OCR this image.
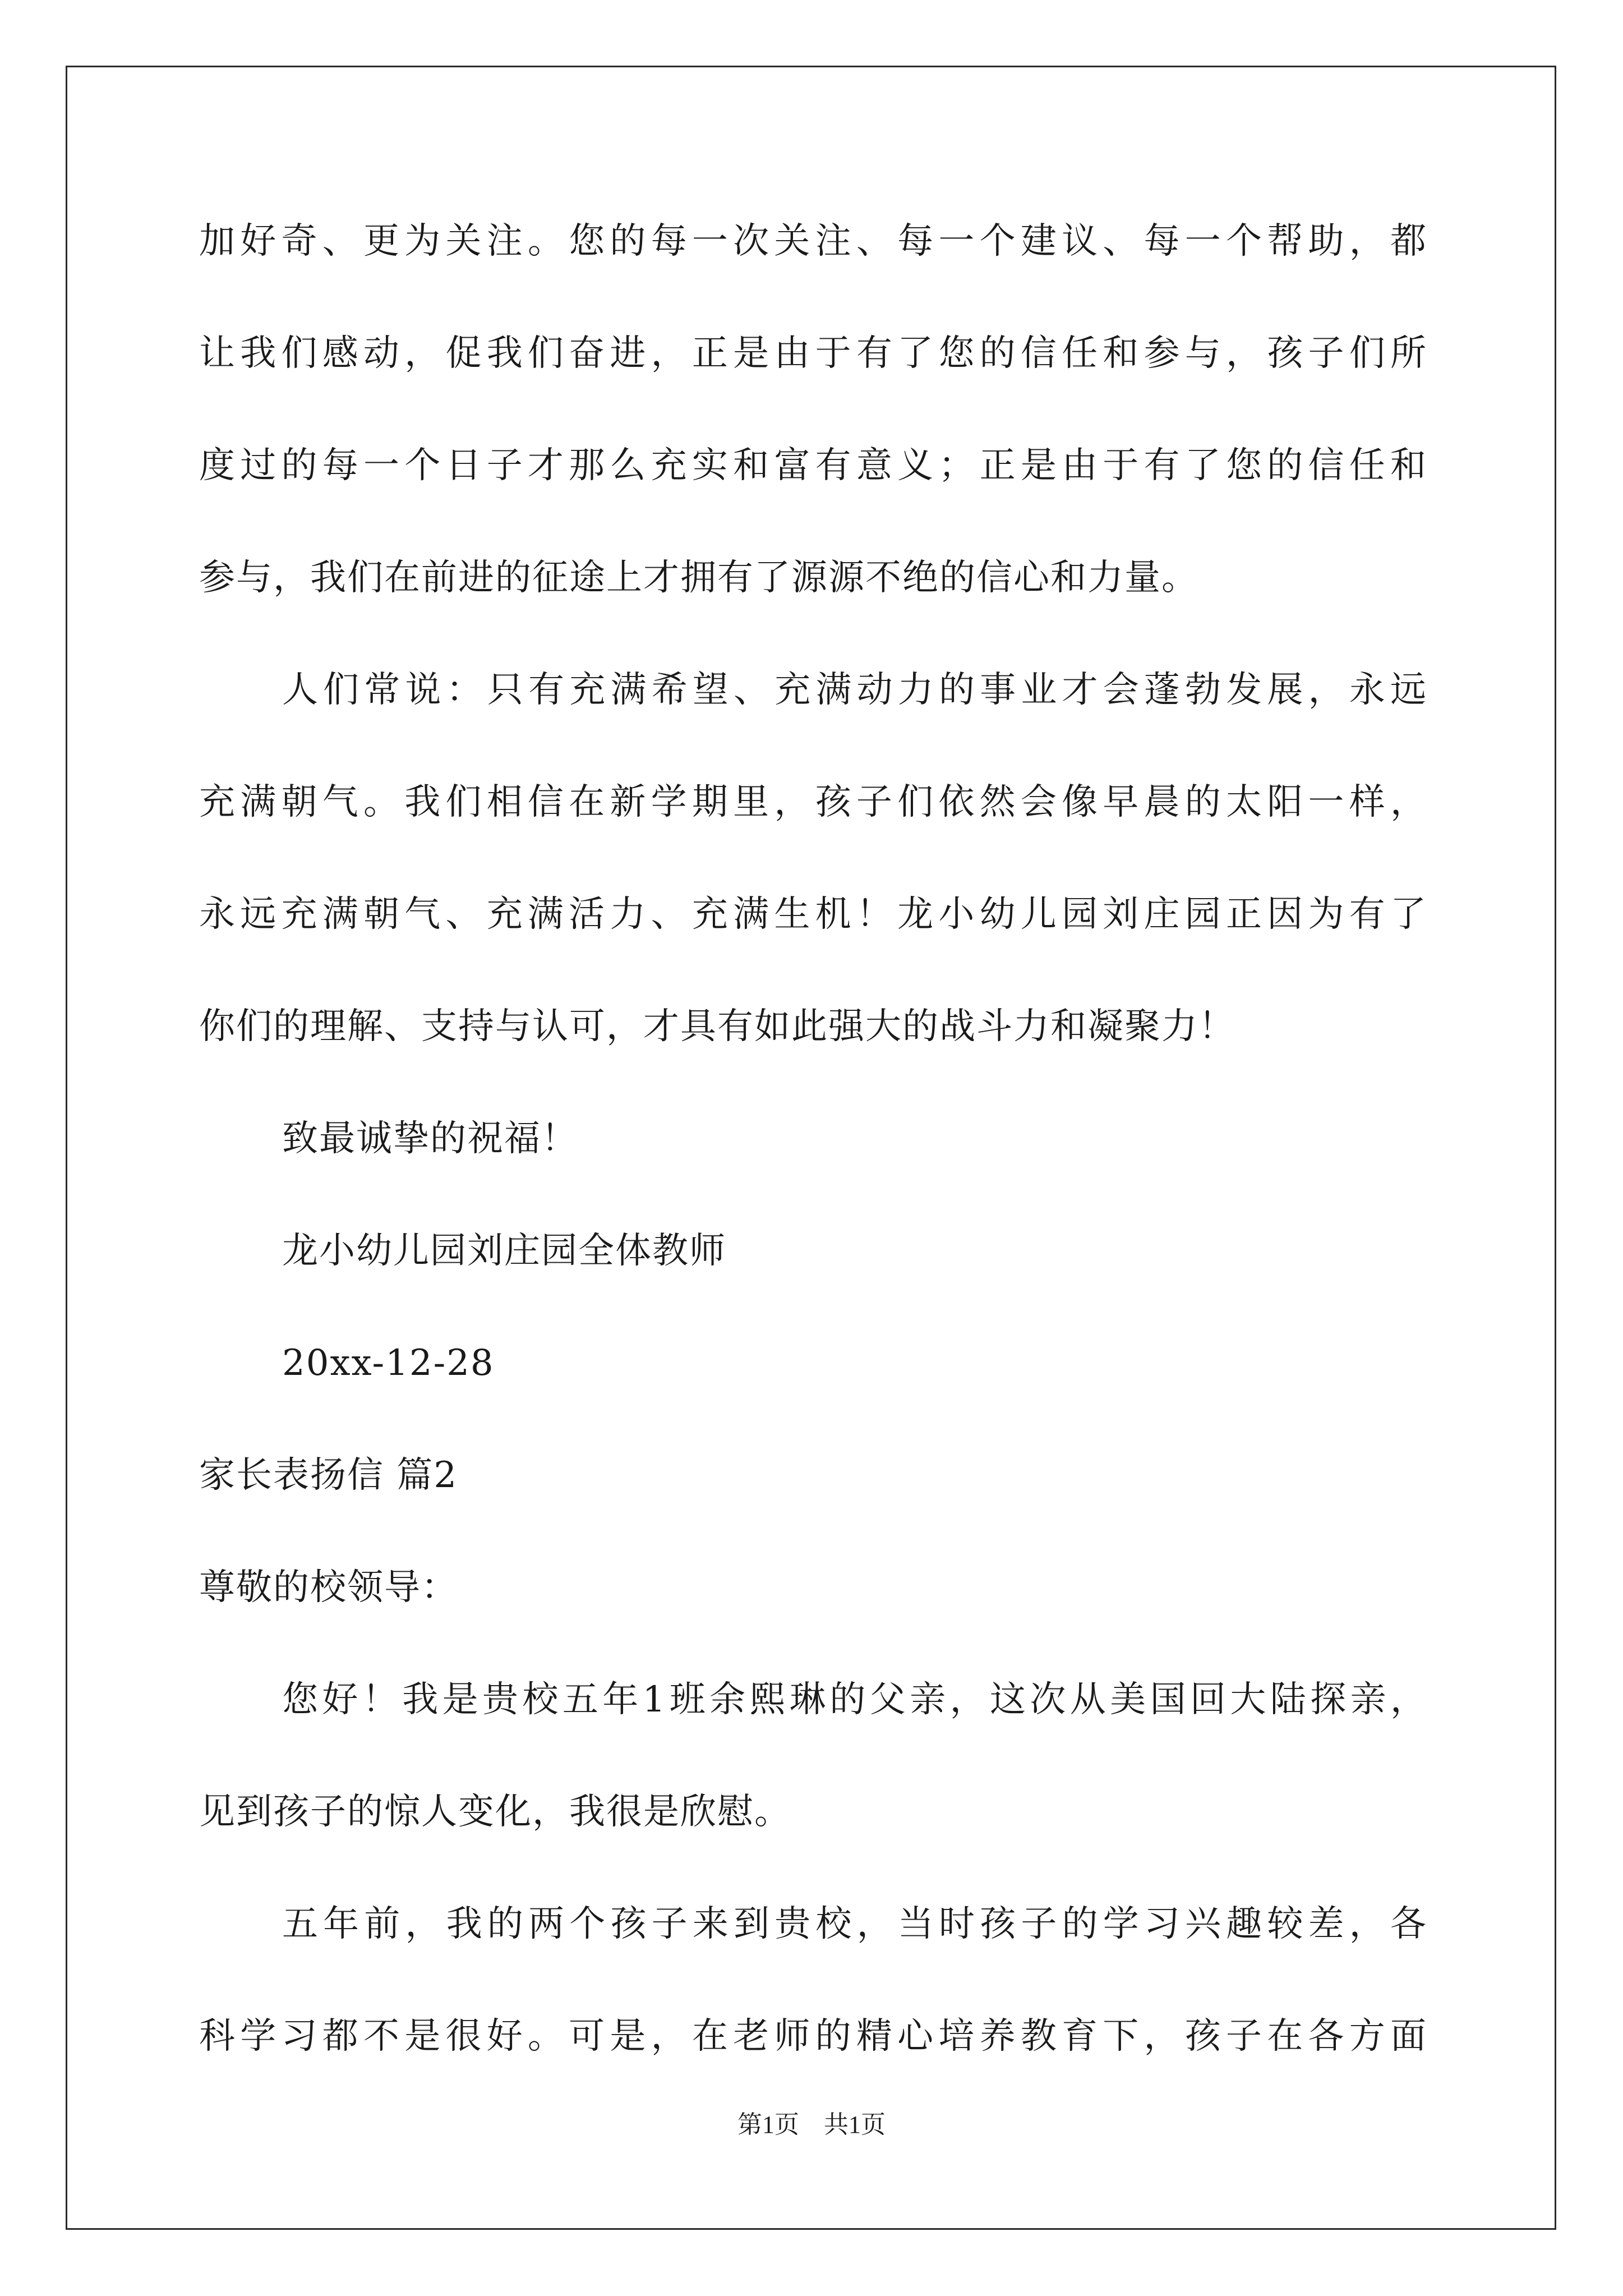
加好奇、更为关注。您的每一次关注、每一个建议、每一个帮助，都
让我们感动，促我们奋进，正是由于有了您的信任和参与，孩子们所
度过的每一个日子才那么充实和富有意义；正是由于有了您的信任和
参与，我们在前进的征途上才拥有了源源不绝的信心和力量。
人们常说：只有充满希望、充满动力的事业才会蓬勃发展，永远
充满朝气。我们相信在新学期里，孩子们依然会像早晨的太阳一样，
永远充满朝气、充满活力、充满生机！龙小幼儿园刘庄园正因为有了
你们的理解、支持与认可，才具有如此强大的战斗力和凝聚力！
致最诚挚的祝福！
龙小幼儿园刘庄园全体教师
20xx-12-28
家长表扬信 篇2
尊敬的校领导：
您好！我是贵校五年1班余熙琳的父亲，这次从美国回大陆探亲，
见到孩子的惊人变化，我很是欣慰。
五年前，我的两个孩子来到贵校，当时孩子的学习兴趣较差，各
科学习都不是很好。可是，在老师的精心培养教育下，孩子在各方面
第1页　共1页
